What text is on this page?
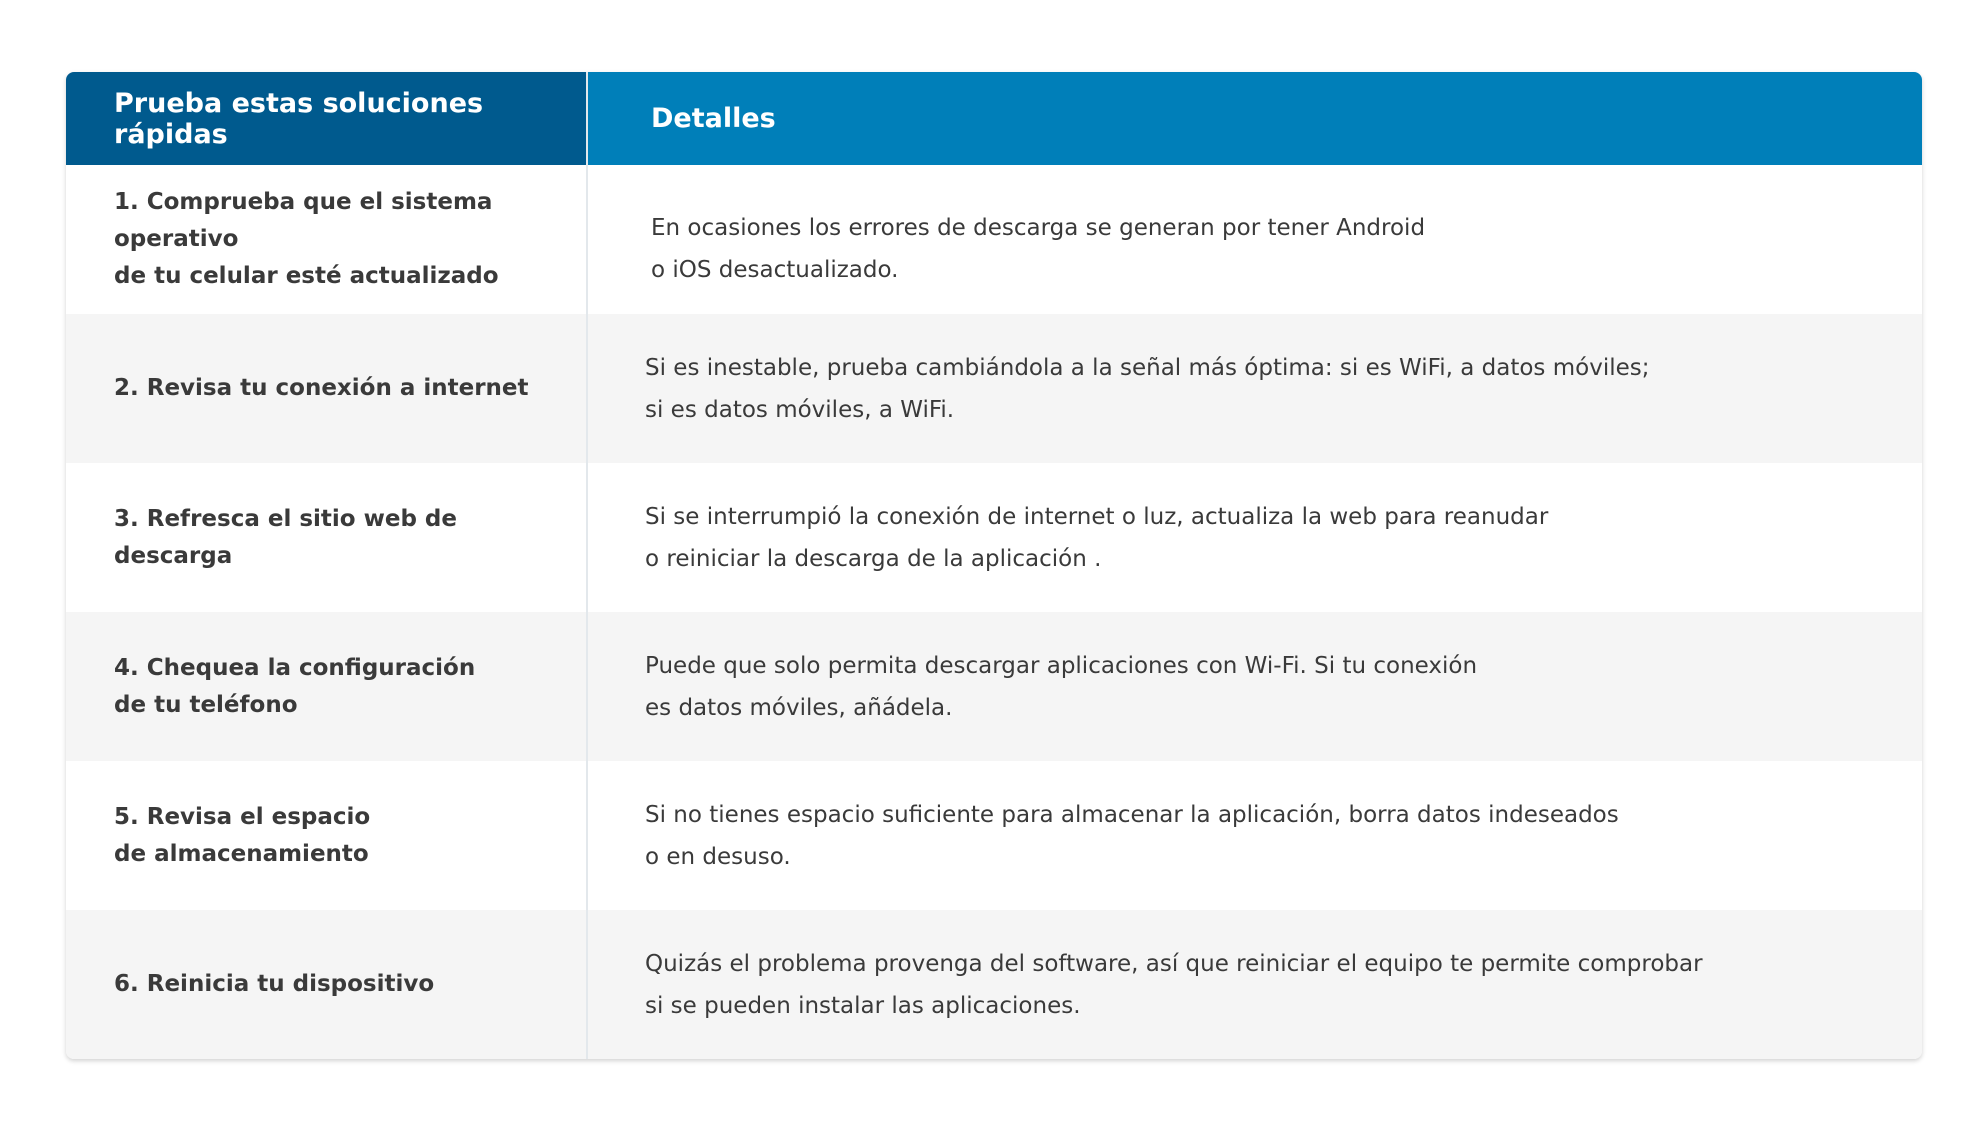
Prueba estas soluciones rápidas	Detalles
1. Comprueba que el sistema operativo
de tu celular esté actualizado
En ocasiones los errores de descarga se generan por tener Android
o iOS desactualizado.
2. Revisa tu conexión a internet
Si es inestable, prueba cambiándola a la señal más óptima: si es WiFi, a datos móviles;
si es datos móviles, a WiFi.
3. Refresca el sitio web de descarga
Si se interrumpió la conexión de internet o luz, actualiza la web para reanudar
o reiniciar la descarga de la aplicación .
4. Chequea la configuración
de tu teléfono
Puede que solo permita descargar aplicaciones con Wi-Fi. Si tu conexión
es datos móviles, añádela.
5. Revisa el espacio
de almacenamiento
Si no tienes espacio suficiente para almacenar la aplicación, borra datos indeseados
o en desuso.
6. Reinicia tu dispositivo
Quizás el problema provenga del software, así que reiniciar el equipo te permite comprobar
si se pueden instalar las aplicaciones.
